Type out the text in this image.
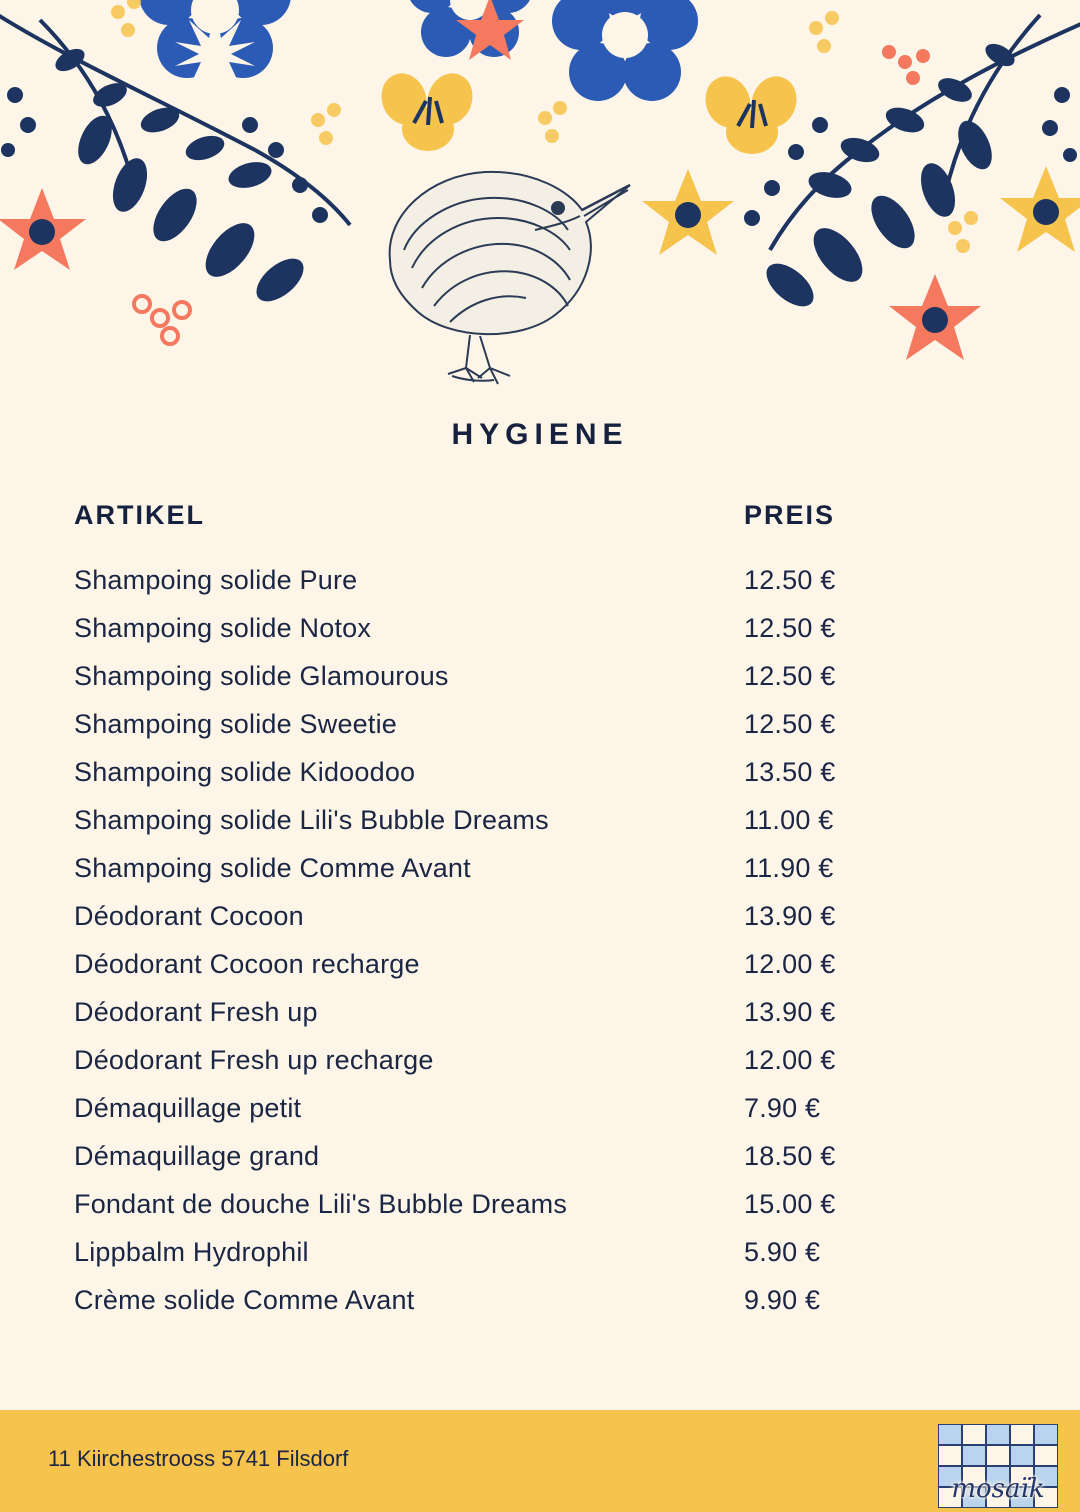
HYGIENE
ARTIKEL	PREIS
Shampoing solide Pure	12.50 €
Shampoing solide Notox	12.50 €
Shampoing solide Glamourous	12.50 €
Shampoing solide Sweetie	12.50 €
Shampoing solide Kidoodoo	13.50 €
Shampoing solide Lili's Bubble Dreams	11.00 €
Shampoing solide Comme Avant	11.90 €
Déodorant Cocoon	13.90 €
Déodorant Cocoon recharge	12.00 €
Déodorant Fresh up	13.90 €
Déodorant Fresh up recharge	12.00 €
Démaquillage petit	7.90 €
Démaquillage grand	18.50 €
Fondant de douche Lili's Bubble Dreams	15.00 €
Lippbalm Hydrophil	5.90 €
Crème solide Comme Avant	9.90 €
11 Kiirchestrooss 5741 Filsdorf
mosaïk
